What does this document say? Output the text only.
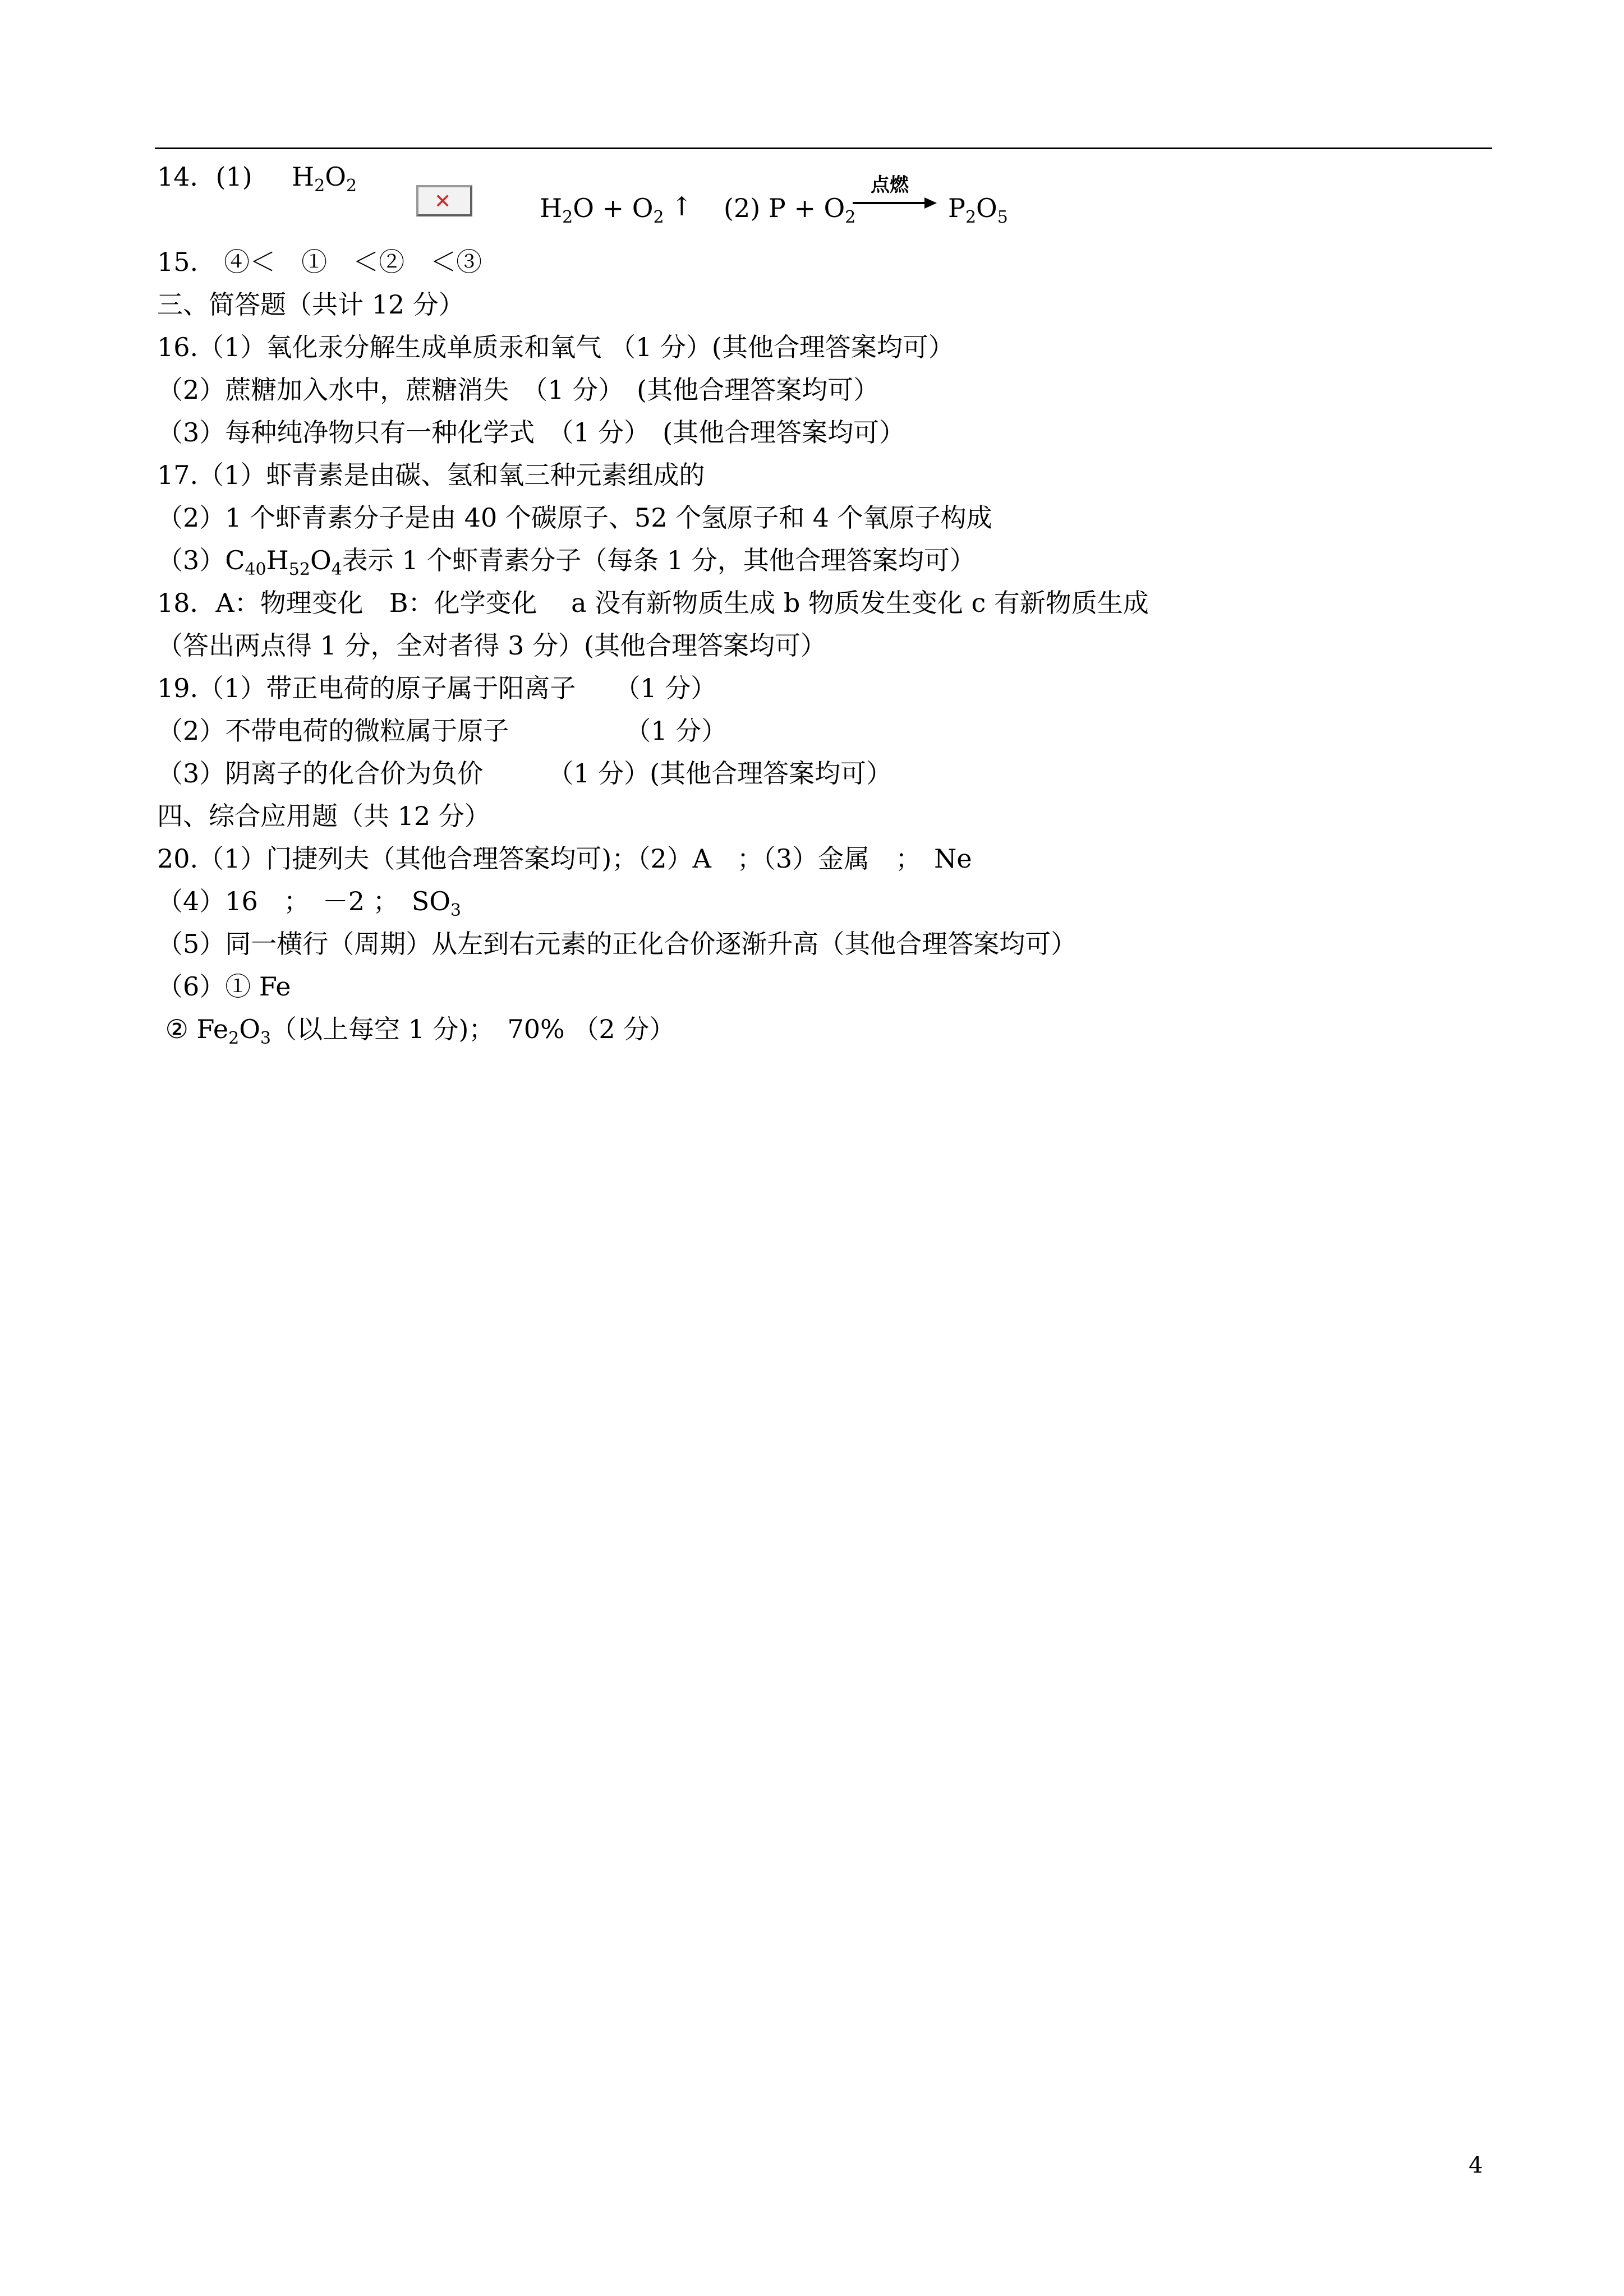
14．(1) $H_2O_2$
✕	$H_2O + O_2$ ↑ (2) $P + O_2$
点燃
$P_2O_5$
15.　④＜　①　＜②　＜③
三、简答题（共计 12 分）
16.（1）氧化汞分解生成单质汞和氧气 （1 分）(其他合理答案均可）
（2）蔗糖加入水中，蔗糖消失　（1 分）　(其他合理答案均可）
（3）每种纯净物只有一种化学式　（1 分）　(其他合理答案均可）
17.（1）虾青素是由碳、氢和氧三种元素组成的
（2）1 个虾青素分子是由 40 个碳原子、52 个氢原子和 4 个氧原子构成
$(3)C_{40}H_{52}O_4$表示 1 个虾青素分子（每条 1 分，其他合理答案均可）
18．A：物理变化　B：化学变化　 a 没有新物质生成 b 物质发生变化 c 有新物质生成
（答出两点得 1 分，全对者得 3 分）(其他合理答案均可）
19.（1）带正电荷的原子属于阳离子　　（1 分）
（2）不带电荷的微粒属于原子　　　　　（1 分）
（3）阴离子的化合价为负价　　　（1 分）(其他合理答案均可）
四、综合应用题（共 12 分）
20.（1）门捷列夫（其他合理答案均可)；（2）A　；（3）金属　；　Ne
（4）16　；　－2 ；　$SO_3$
（5）同一横行（周期）从左到右元素的正化合价逐渐升高（其他合理答案均可）
（6）① Fe
② $Fe_2O_3$（以上每空 1 分)；　70% （2 分）
4
